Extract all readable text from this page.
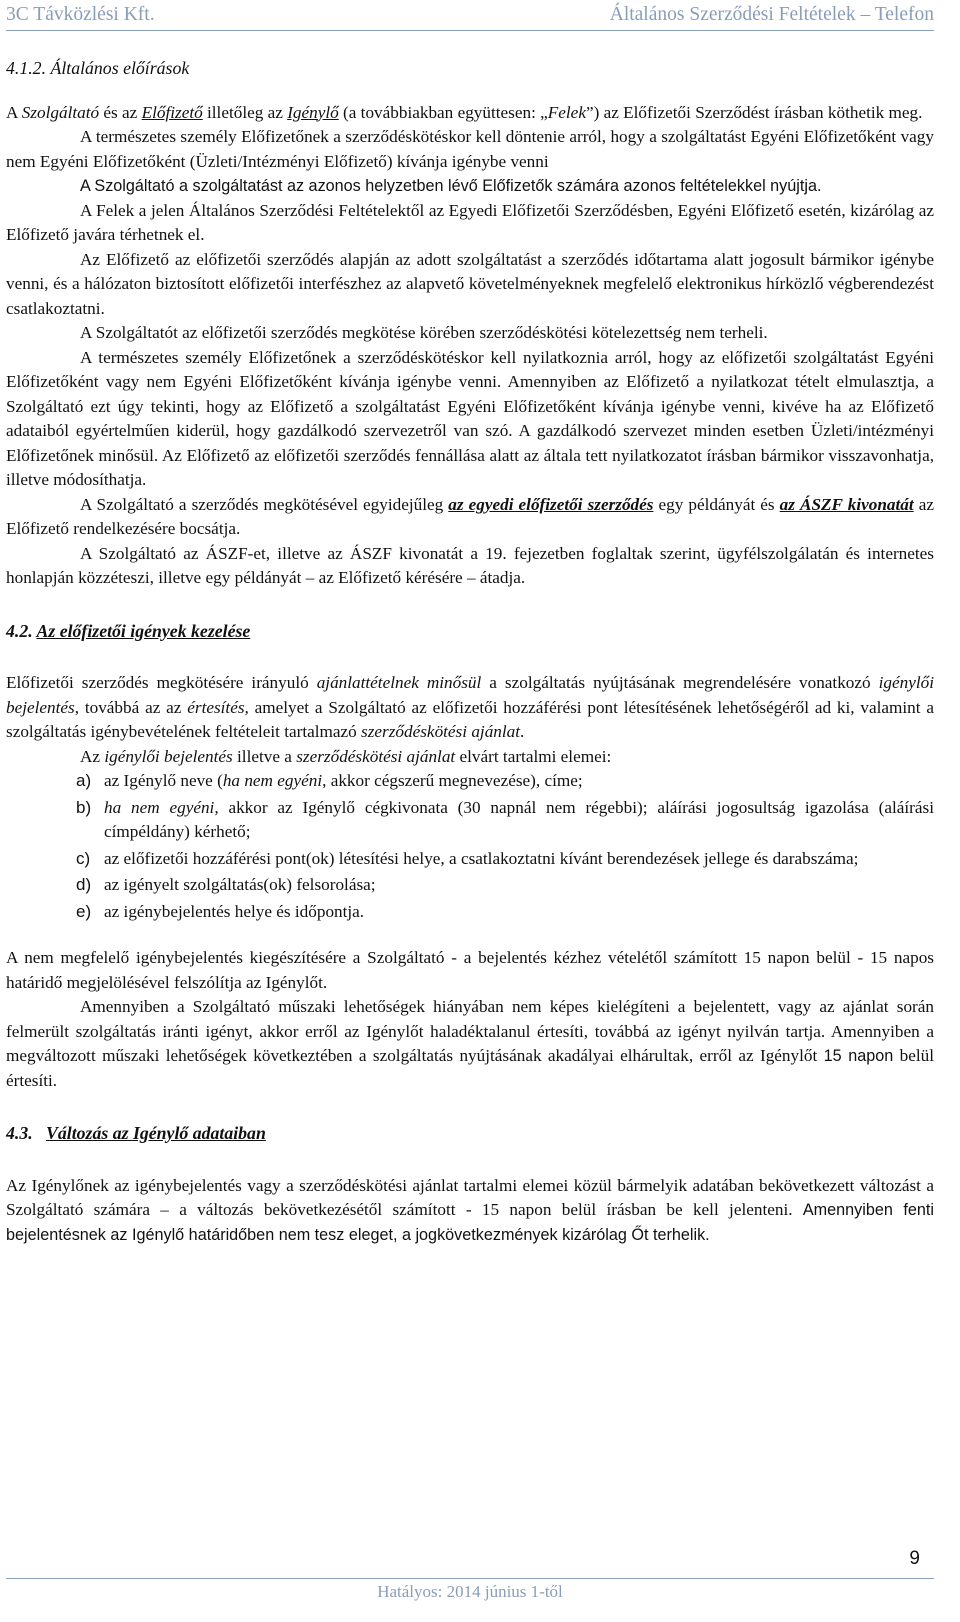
3C Távközlési Kft.	Általános Szerződési Feltételek – Telefon

4.1.2. Általános előírások

A Szolgáltató és az Előfizető illetőleg az Igénylő (a továbbiakban együttesen: „Felek”) az Előfizetői Szerződést írásban köthetik meg.

A természetes személy Előfizetőnek a szerződéskötéskor kell döntenie arról, hogy a szolgáltatást Egyéni Előfizetőként vagy nem Egyéni Előfizetőként (Üzleti/Intézményi Előfizető) kívánja igénybe venni

A Szolgáltató a szolgáltatást az azonos helyzetben lévő Előfizetők számára azonos feltételekkel nyújtja.

A Felek a jelen Általános Szerződési Feltételektől az Egyedi Előfizetői Szerződésben, Egyéni Előfizető esetén, kizárólag az Előfizető javára térhetnek el.

Az Előfizető az előfizetői szerződés alapján az adott szolgáltatást a szerződés időtartama alatt jogosult bármikor igénybe venni, és a hálózaton biztosított előfizetői interfészhez az alapvető követelményeknek megfelelő elektronikus hírközlő végberendezést csatlakoztatni.

A Szolgáltatót az előfizetői szerződés megkötése körében szerződéskötési kötelezettség nem terheli.

A természetes személy Előfizetőnek a szerződéskötéskor kell nyilatkoznia arról, hogy az előfizetői szolgáltatást Egyéni Előfizetőként vagy nem Egyéni Előfizetőként kívánja igénybe venni. Amennyiben az Előfizető a nyilatkozat tételt elmulasztja, a Szolgáltató ezt úgy tekinti, hogy az Előfizető a szolgáltatást Egyéni Előfizetőként kívánja igénybe venni, kivéve ha az Előfizető adataiból egyértelműen kiderül, hogy gazdálkodó szervezetről van szó. A gazdálkodó szervezet minden esetben Üzleti/intézményi Előfizetőnek minősül. Az Előfizető az előfizetői szerződés fennállása alatt az általa tett nyilatkozatot írásban bármikor visszavonhatja, illetve módosíthatja.

A Szolgáltató a szerződés megkötésével egyidejűleg az egyedi előfizetői szerződés egy példányát és az ÁSZF kivonatát az Előfizető rendelkezésére bocsátja.

A Szolgáltató az ÁSZF-et, illetve az ÁSZF kivonatát a 19. fejezetben foglaltak szerint, ügyfélszolgálatán és internetes honlapján közzéteszi, illetve egy példányát – az Előfizető kérésére – átadja.

4.2. Az előfizetői igények kezelése

Előfizetői szerződés megkötésére irányuló ajánlattételnek minősül a szolgáltatás nyújtásának megrendelésére vonatkozó igénylői bejelentés, továbbá az az értesítés, amelyet a Szolgáltató az előfizetői hozzáférési pont létesítésének lehetőségéről ad ki, valamint a szolgáltatás igénybevételének feltételeit tartalmazó szerződéskötési ajánlat.

Az igénylői bejelentés illetve a szerződéskötési ajánlat elvárt tartalmi elemei:

a) az Igénylő neve (ha nem egyéni, akkor cégszerű megnevezése), címe;
b) ha nem egyéni, akkor az Igénylő cégkivonata (30 napnál nem régebbi); aláírási jogosultság igazolása (aláírási címpéldány) kérhető;
c) az előfizetői hozzáférési pont(ok) létesítési helye, a csatlakoztatni kívánt berendezések jellege és darabszáma;
d) az igényelt szolgáltatás(ok) felsorolása;
e) az igénybejelentés helye és időpontja.

A nem megfelelő igénybejelentés kiegészítésére a Szolgáltató - a bejelentés kézhez vételétől számított 15 napon belül - 15 napos határidő megjelölésével felszólítja az Igénylőt.

Amennyiben a Szolgáltató műszaki lehetőségek hiányában nem képes kielégíteni a bejelentett, vagy az ajánlat során felmerült szolgáltatás iránti igényt, akkor erről az Igénylőt haladéktalanul értesíti, továbbá az igényt nyilván tartja. Amennyiben a megváltozott műszaki lehetőségek következtében a szolgáltatás nyújtásának akadályai elhárultak, erről az Igénylőt 15 napon belül értesíti.

4.3. Változás az Igénylő adataiban

Az Igénylőnek az igénybejelentés vagy a szerződéskötési ajánlat tartalmi elemei közül bármelyik adatában bekövetkezett változást a Szolgáltató számára – a változás bekövetkezésétől számított - 15 napon belül írásban be kell jelenteni. Amennyiben fenti bejelentésnek az Igénylő határidőben nem tesz eleget, a jogkövetkezmények kizárólag Őt terhelik.

9
Hatályos: 2014 június 1-től
